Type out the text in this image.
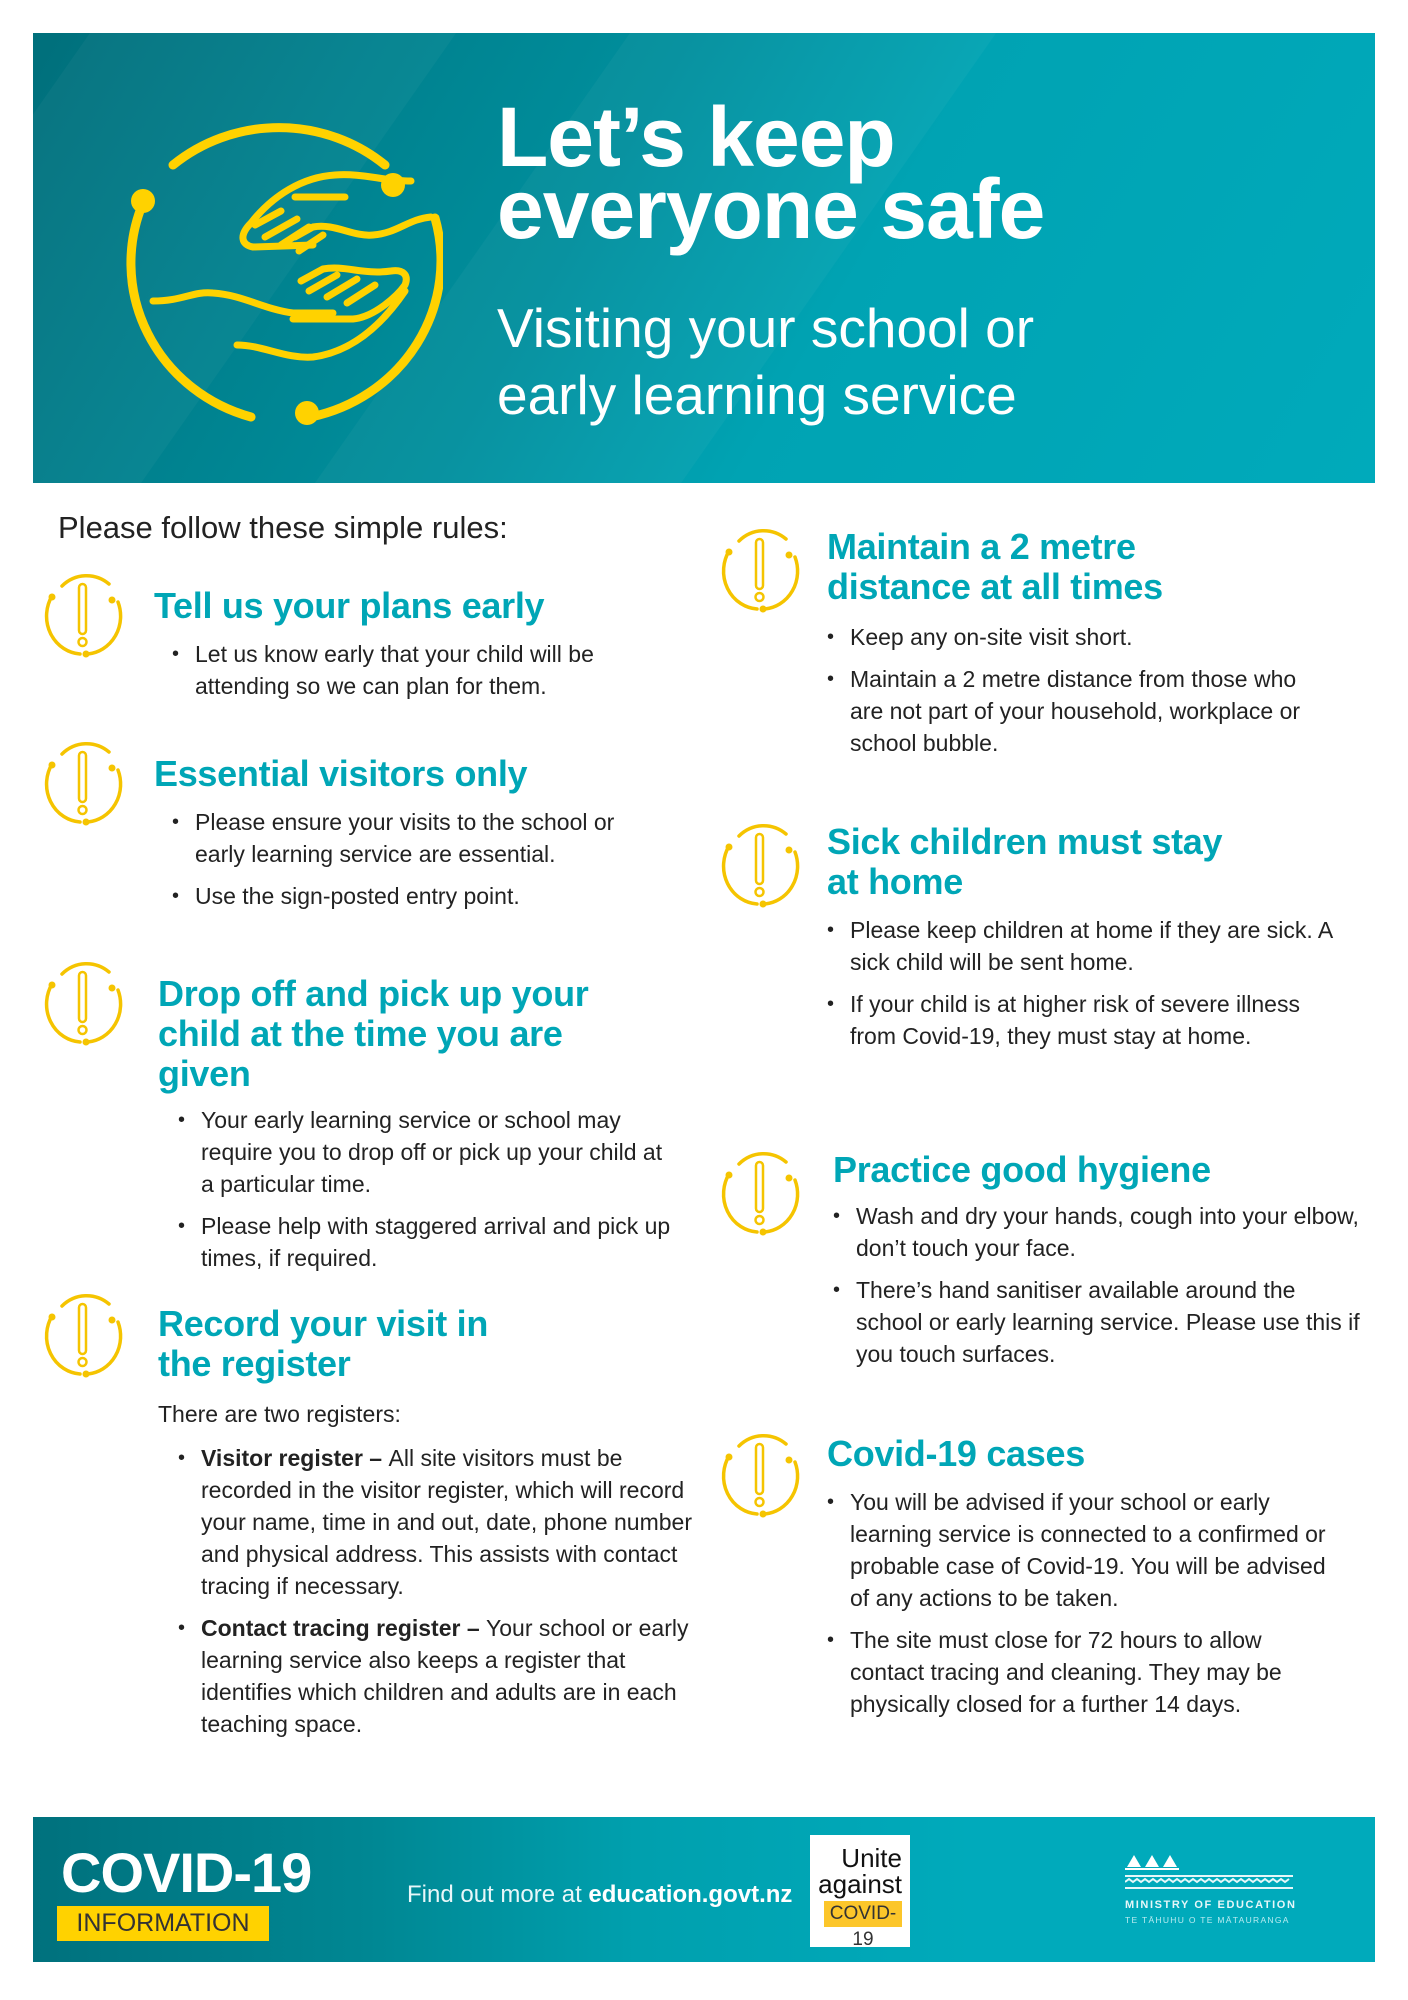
Let’s keep
everyone safe
Visiting your school or
early learning service
Please follow these simple rules:
Tell us your plans early
• Let us know early that your child will be attending so we can plan for them.
Essential visitors only
• Please ensure your visits to the school or early learning service are essential.
• Use the sign-posted entry point.
Drop off and pick up your
child at the time you are
given
• Your early learning service or school may require you to drop off or pick up your child at a particular time.
• Please help with staggered arrival and pick up times, if required.
Record your visit in
the register

There are two registers:

• Visitor register – All site visitors must be recorded in the visitor register, which will record your name, time in and out, date, phone number and physical address. This assists with contact tracing if necessary.
• Contact tracing register – Your school or early learning service also keeps a register that identifies which children and adults are in each teaching space.
Maintain a 2 metre
distance at all times
• Keep any on-site visit short.
• Maintain a 2 metre distance from those who are not part of your household, workplace or school bubble.
Sick children must stay
at home
• Please keep children at home if they are sick. A sick child will be sent home.
• If your child is at higher risk of severe illness from Covid-19, they must stay at home.
Practice good hygiene
• Wash and dry your hands, cough into your elbow, don’t touch your face.
• There’s hand sanitiser available around the school or early learning service. Please use this if you touch surfaces.
Covid-19 cases
• You will be advised if your school or early learning service is connected to a confirmed or probable case of Covid-19. You will be advised of any actions to be taken.
• The site must close for 72 hours to allow contact tracing and cleaning. They may be physically closed for a further 14 days.
COVID-19
INFORMATION
Find out more at education.govt.nz
Unite
against
COVID-19
MINISTRY OF EDUCATION
TE TĀHUHU O TE MĀTAURANGA
